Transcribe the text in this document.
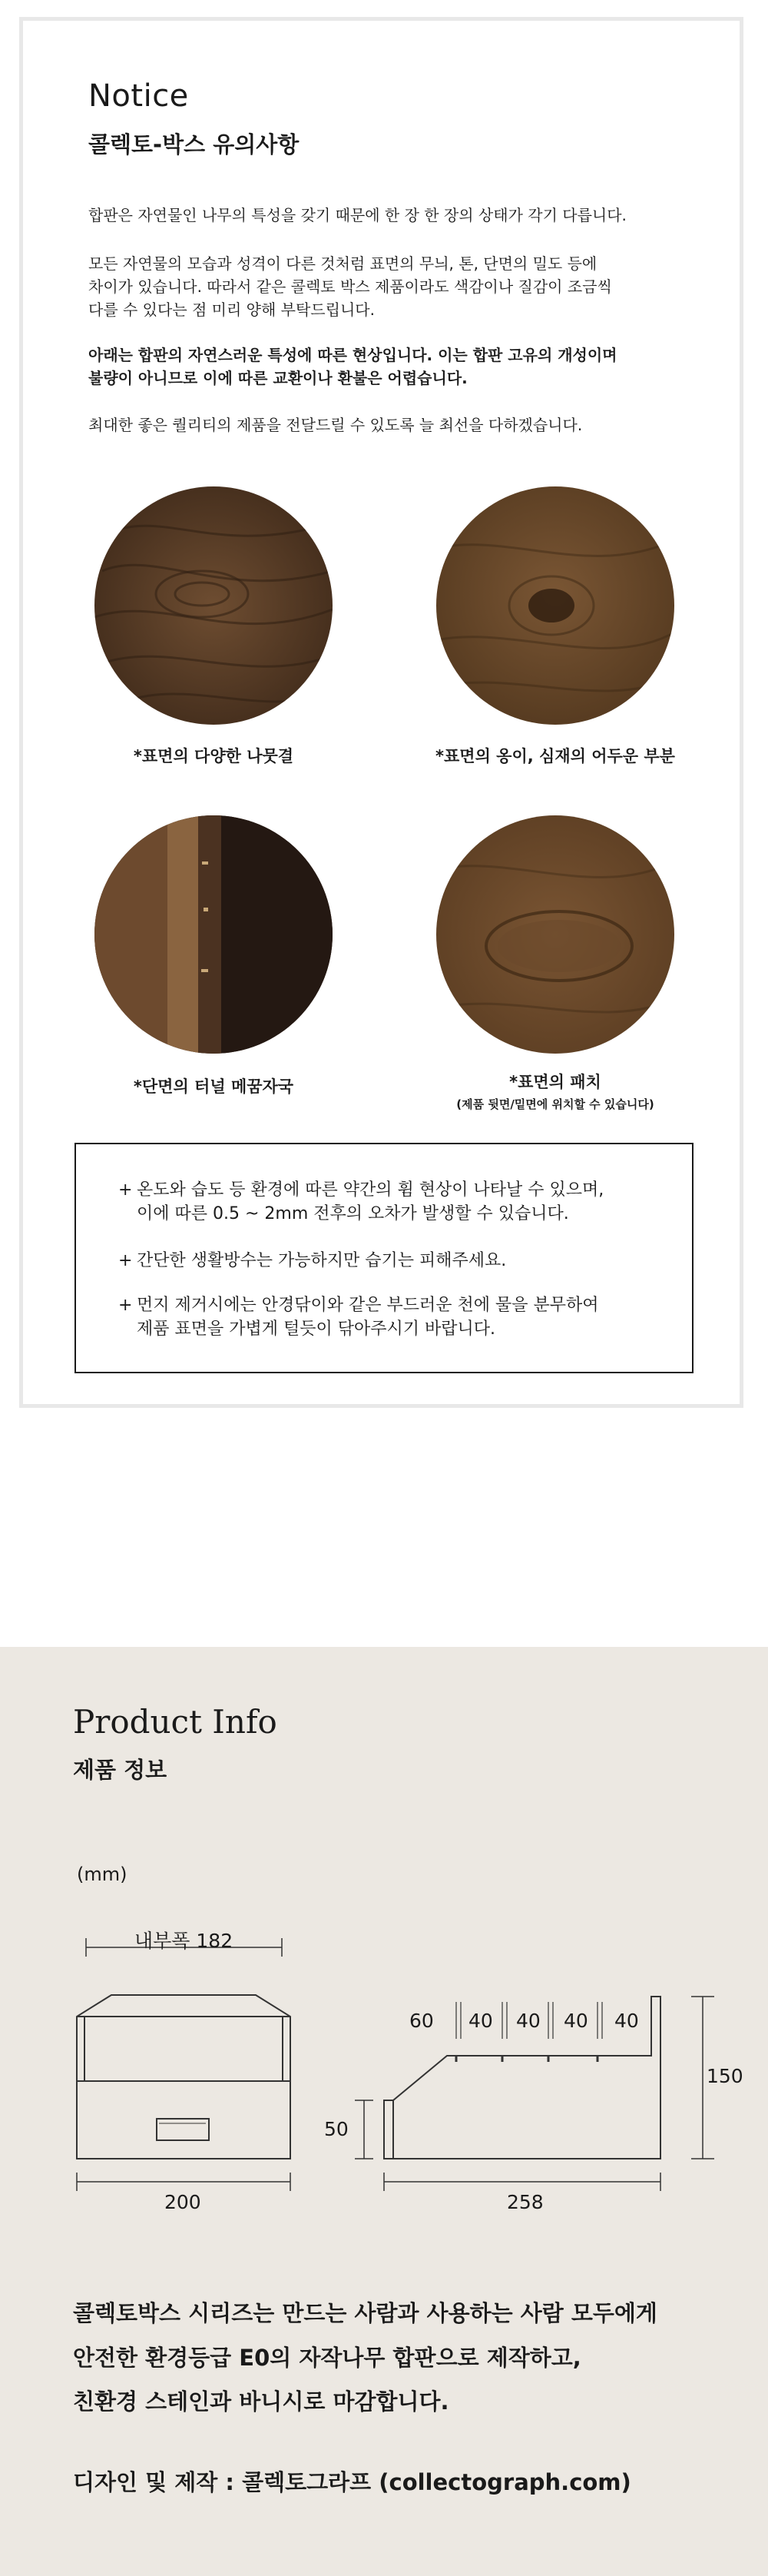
Notice
콜렉토-박스 유의사항
합판은 자연물인 나무의 특성을 갖기 때문에 한 장 한 장의 상태가 각기 다릅니다.
모든 자연물의 모습과 성격이 다른 것처럼 표면의 무늬, 톤, 단면의 밀도 등에
차이가 있습니다. 따라서 같은 콜렉토 박스 제품이라도 색감이나 질감이 조금씩
다를 수 있다는 점 미리 양해 부탁드립니다.
아래는 합판의 자연스러운 특성에 따른 현상입니다. 이는 합판 고유의 개성이며
불량이 아니므로 이에 따른 교환이나 환불은 어렵습니다.
최대한 좋은 퀄리티의 제품을 전달드릴 수 있도록 늘 최선을 다하겠습니다.
*표면의 다양한 나뭇결	*표면의 옹이, 심재의 어두운 부분
*단면의 터널 메꿈자국	*표면의 패치
(제품 뒷면/밑면에 위치할 수 있습니다)
+ 온도와 습도 등 환경에 따른 약간의 휨 현상이 나타날 수 있으며,
이에 따른 0.5 ~ 2mm 전후의 오차가 발생할 수 있습니다.
+ 간단한 생활방수는 가능하지만 습기는 피해주세요.
+ 먼지 제거시에는 안경닦이와 같은 부드러운 천에 물을 분무하여
제품 표면을 가볍게 털듯이 닦아주시기 바랍니다.
Product Info
제품 정보
(mm)
내부폭 182
200
60 40 40 40 40
50
150
258
콜렉토박스 시리즈는 만드는 사람과 사용하는 사람 모두에게
안전한 환경등급 E0의 자작나무 합판으로 제작하고,
친환경 스테인과 바니시로 마감합니다.
디자인 및 제작 : 콜렉토그라프 (collectograph.com)
